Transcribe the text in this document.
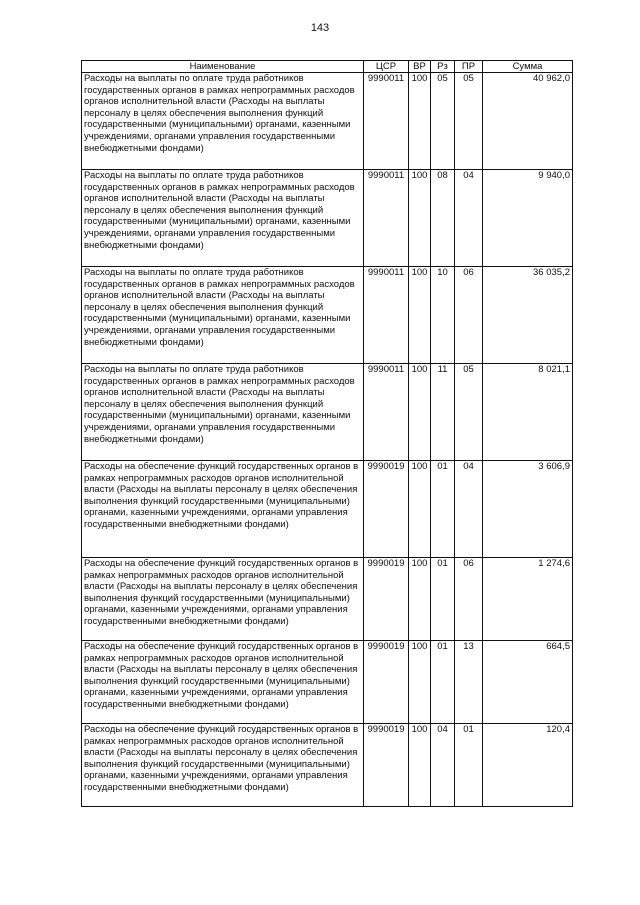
143
Наименование	ЦСР	ВР	Рз	ПР	Сумма
Расходы на выплаты по оплате труда работников государственных органов в рамках непрограммных расходов органов исполнительной власти (Расходы на выплаты персоналу в целях обеспечения выполнения функций государственными (муниципальными) органами, казенными учреждениями, органами управления государственными внебюджетными фондами)	9990011	100	05	05	40 962,0
Расходы на выплаты по оплате труда работников государственных органов в рамках непрограммных расходов органов исполнительной власти (Расходы на выплаты персоналу в целях обеспечения выполнения функций государственными (муниципальными) органами, казенными учреждениями, органами управления государственными внебюджетными фондами)	9990011	100	08	04	9 940,0
Расходы на выплаты по оплате труда работников государственных органов в рамках непрограммных расходов органов исполнительной власти (Расходы на выплаты персоналу в целях обеспечения выполнения функций государственными (муниципальными) органами, казенными учреждениями, органами управления государственными внебюджетными фондами)	9990011	100	10	06	36 035,2
Расходы на выплаты по оплате труда работников государственных органов в рамках непрограммных расходов органов исполнительной власти (Расходы на выплаты персоналу в целях обеспечения выполнения функций государственными (муниципальными) органами, казенными учреждениями, органами управления государственными внебюджетными фондами)	9990011	100	11	05	8 021,1
Расходы на обеспечение функций государственных органов в рамках непрограммных расходов органов исполнительной власти (Расходы на выплаты персоналу в целях обеспечения выполнения функций государственными (муниципальными) органами, казенными учреждениями, органами управления государственными внебюджетными фондами)	9990019	100	01	04	3 606,9
Расходы на обеспечение функций государственных органов в рамках непрограммных расходов органов исполнительной власти (Расходы на выплаты персоналу в целях обеспечения выполнения функций государственными (муниципальными) органами, казенными учреждениями, органами управления государственными внебюджетными фондами)	9990019	100	01	06	1 274,6
Расходы на обеспечение функций государственных органов в рамках непрограммных расходов органов исполнительной власти (Расходы на выплаты персоналу в целях обеспечения выполнения функций государственными (муниципальными) органами, казенными учреждениями, органами управления государственными внебюджетными фондами)	9990019	100	01	13	664,5
Расходы на обеспечение функций государственных органов в рамках непрограммных расходов органов исполнительной власти (Расходы на выплаты персоналу в целях обеспечения выполнения функций государственными (муниципальными) органами, казенными учреждениями, органами управления государственными внебюджетными фондами)	9990019	100	04	01	120,4
